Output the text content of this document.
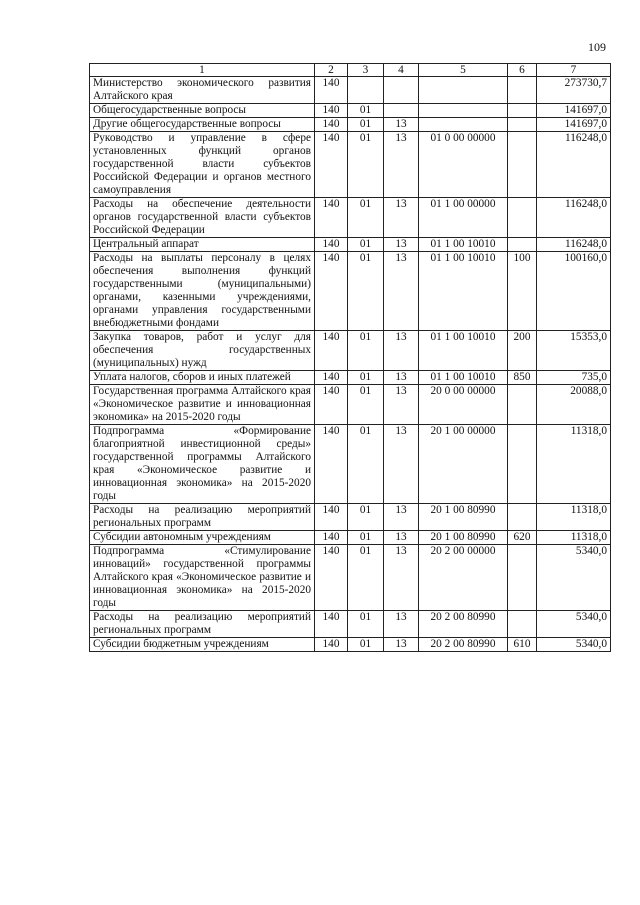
109
1	2	3	4	5	6	7
Министерство экономического развития Алтайского края	140					273730,7
Общегосударственные вопросы	140	01				141697,0
Другие общегосударственные вопросы	140	01	13			141697,0
Руководство и управление в сфере установленных функций органов государственной власти субъектов Российской Федерации и органов местного самоуправления	140	01	13	01 0 00 00000		116248,0
Расходы на обеспечение деятельности органов государственной власти субъектов Российской Федерации	140	01	13	01 1 00 00000		116248,0
Центральный аппарат	140	01	13	01 1 00 10010		116248,0
Расходы на выплаты персоналу в целях обеспечения выполнения функций государственными (муниципальными) органами, казенными учреждениями, органами управления государственными внебюджетными фондами	140	01	13	01 1 00 10010	100	100160,0
Закупка товаров, работ и услуг для обеспечения государственных (муниципальных) нужд	140	01	13	01 1 00 10010	200	15353,0
Уплата налогов, сборов и иных платежей	140	01	13	01 1 00 10010	850	735,0
Государственная программа Алтайского края «Экономическое развитие и инновационная экономика» на 2015-2020 годы	140	01	13	20 0 00 00000		20088,0
Подпрограмма «Формирование благоприятной инвестиционной среды» государственной программы Алтайского края «Экономическое развитие и инновационная экономика» на 2015-2020 годы	140	01	13	20 1 00 00000		11318,0
Расходы на реализацию мероприятий региональных программ	140	01	13	20 1 00 80990		11318,0
Субсидии автономным учреждениям	140	01	13	20 1 00 80990	620	11318,0
Подпрограмма «Стимулирование инноваций» государственной программы Алтайского края «Экономическое развитие и инновационная экономика» на 2015-2020 годы	140	01	13	20 2 00 00000		5340,0
Расходы на реализацию мероприятий региональных программ	140	01	13	20 2 00 80990		5340,0
Субсидии бюджетным учреждениям	140	01	13	20 2 00 80990	610	5340,0
